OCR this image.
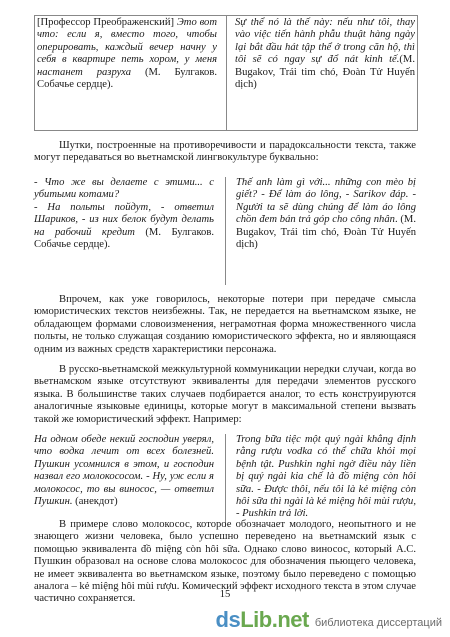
[Профессор Преображенский] Это вот что: если я, вместо того, чтобы оперировать, каждый вечер начну у себя в квартире петь хором, у меня настанет разруха (М. Булгаков. Собачье сердце).
Sự thể nó là thế này: nếu như tôi, thay vào việc tiến hành phẫu thuật hàng ngày lại bắt đầu hát tập thể ở trong căn hộ, thì tôi sẽ có ngay sự đổ nát kinh tế.(M. Bugakov, Trái tim chó, Đoàn Tử Huyến dịch)

Шутки, построенные на противоречивости и парадоксальности текста, также могут передаваться во вьетнамской лингвокультуре буквально:

- Что же вы делаете с этими... с убитыми котами?
- На польты пойдут, - ответил Шариков, - из них белок будут делать на рабочий кредит (М. Булгаков. Собачье сердце).
Thế anh làm gì với... những con mèo bị giết? - Để làm áo lông, - Sarikov đáp. - Người ta sẽ dùng chúng để làm áo lông chồn đem bán trả góp cho công nhân. (M. Bugakov, Trái tim chó, Đoàn Tử Huyến dịch)

Впрочем, как уже говорилось, некоторые потери при передаче смысла юмористических текстов неизбежны. Так, не передается на вьетнамском языке, не обладающем формами словоизменения, неграмотная форма множественного числа польты, не только служащая созданию юмористического эффекта, но и являющаяся одним из важных средств характеристики персонажа.

В русско-вьетнамской межкультурной коммуникации нередки случаи, когда во вьетнамском языке отсутствуют эквиваленты для передачи элементов русского языка. В большинстве таких случаев подбирается аналог, то есть конструируются аналогичные языковые единицы, которые могут в максимальной степени вызвать такой же юмористический эффект. Например:

На одном обеде некий господин уверял, что водка лечит от всех болезней. Пушкин усомнился в этом, и господин назвал его молокососом. - Ну, уж если я молокосос, то вы виносос, — ответил Пушкин. (анекдот)
Trong bữa tiệc một quý ngài khẳng định rằng rượu vodka có thể chữa khỏi mọi bệnh tật. Pushkin nghi ngờ điều này liền bị quý ngài kia chế là đồ miệng còn hôi sữa. - Được thôi, nếu tôi là kẻ miệng còn hôi sữa thì ngài là kẻ miệng hôi mùi rượu, - Pushkin trả lời.

В примере слово молокосос, которое обозначает молодого, неопытного и не знающего жизни человека, было успешно переведено на вьетнамский язык с помощью эквивалента đồ miệng còn hôi sữa. Однако слово виносос, который А.С. Пушкин образовал на основе слова молокосос для обозначения пьющего человека, не имеет эквивалента во вьетнамском языке, поэтому было переведено с помощью аналога – kẻ miệng hôi mùi rượu. Комический эффект исходного текста в этом случае частично сохраняется.	15
dsLib.net библиотека диссертаций
